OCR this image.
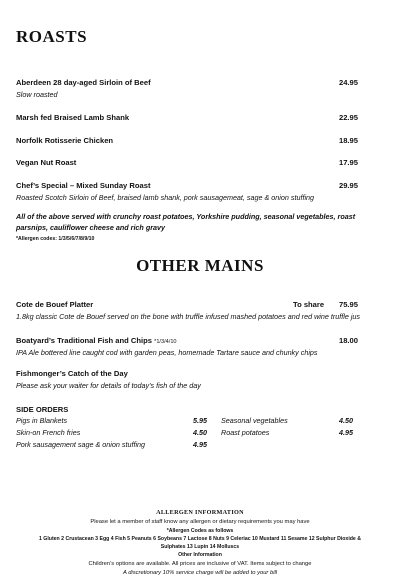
ROASTS
Aberdeen 28 day-aged Sirloin of Beef	24.95
Slow roasted
Marsh fed Braised Lamb Shank	22.95
Norfolk Rotisserie Chicken	18.95
Vegan Nut Roast	17.95
Chef’s Special – Mixed Sunday Roast	29.95
Roasted Scotch Sirloin of Beef, braised lamb shank, pork sausagemeat, sage & onion stuffing
All of the above served with crunchy roast potatoes, Yorkshire pudding, seasonal vegetables, roast parsnips, cauliflower cheese and rich gravy
*Allergen codes: 1/3/5/6/7/8/9/10
OTHER MAINS
Cote de Bouef Platter	To share 75.95
1.8kg classic Cote de Bouef served on the bone with truffle infused mashed potatoes and red wine truffle jus
Boatyard’s Traditional Fish and Chips *1/3/4/10	18.00
IPA Ale bottered line caught cod with garden peas, homemade Tartare sauce and chunky chips
Fishmonger’s Catch of the Day
Please ask your waiter for details of today’s fish of the day
SIDE ORDERS
Pigs in Blankets	5.95
Skin-on French fries	4.50
Pork sausagement sage & onion stuffing	4.95
Seasonal vegetables	4.50
Roast potatoes	4.95
ALLERGEN INFORMATION
Please let a member of staff know any allergen or dietary requirements you may have
*Allergen Codes as follows
1 Gluten 2 Crustacean 3 Egg 4 Fish 5 Peanuts 6 Soybeans 7 Lactose 8 Nuts 9 Celeriac 10 Mustard 11 Sesame 12 Sulphur Dioxide &
Sulphates 13 Lupin 14 Molluscs
Other Information
Children’s options are available. All prices are inclusive of VAT. Items subject to change
A discretionary 10% service charge will be added to your bill
